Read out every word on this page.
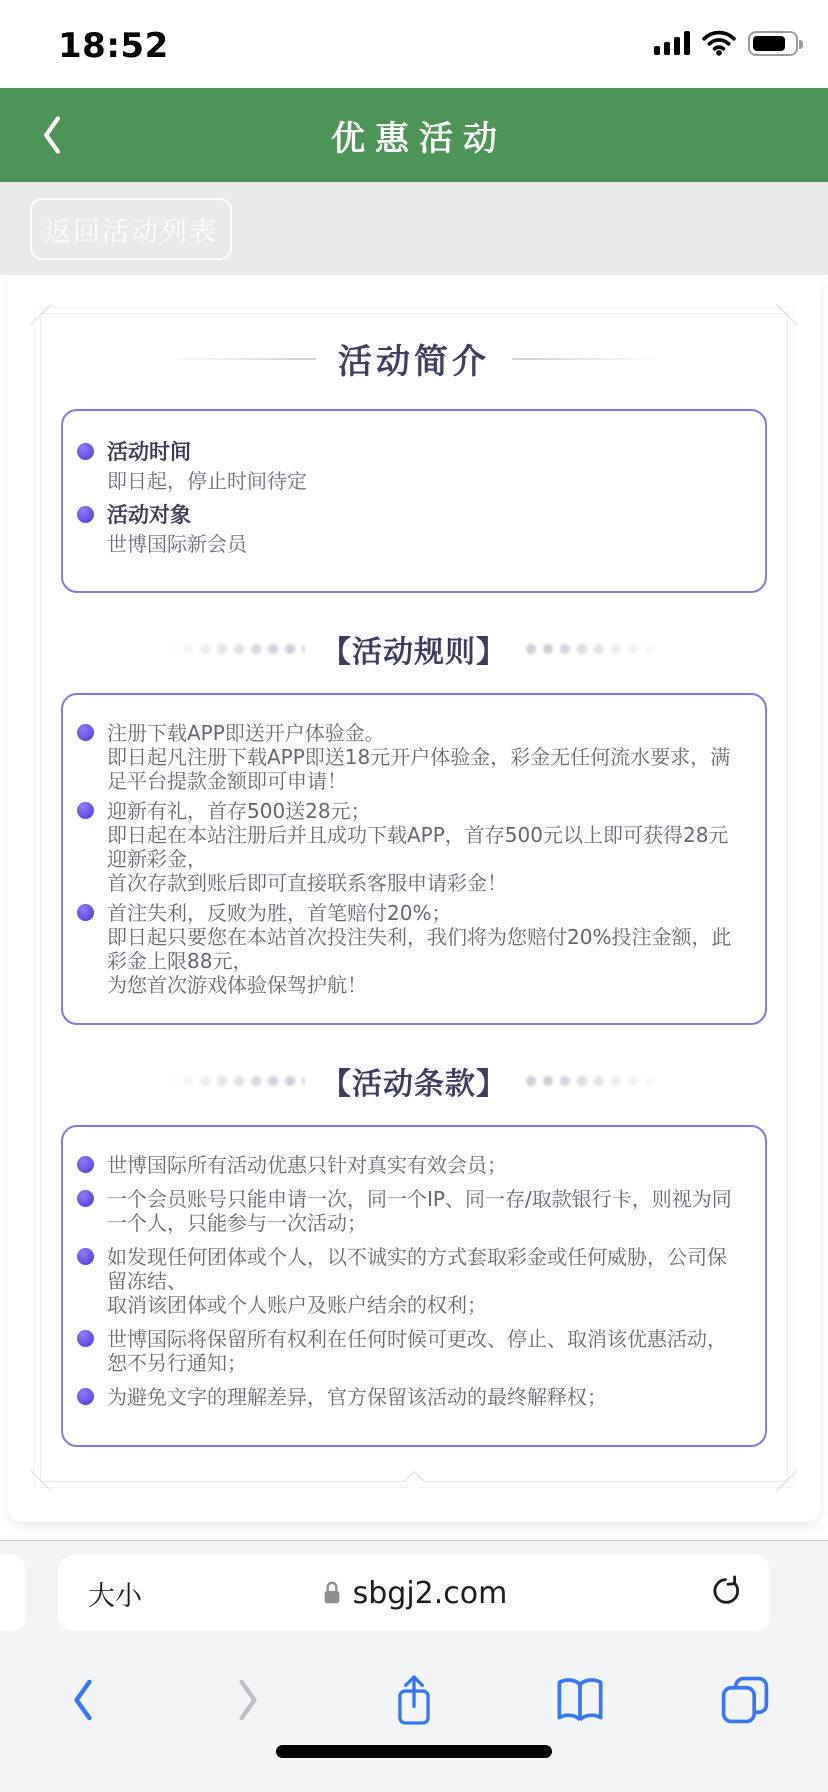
18:52
优惠活动
返回活动列表
活动简介
活动时间
即日起，停止时间待定
活动对象
世博国际新会员
【活动规则】
注册下载APP即送开户体验金。
即日起凡注册下载APP即送18元开户体验金，彩金无任何流水要求，满足平台提款金额即可申请！
迎新有礼，首存500送28元；
即日起在本站注册后并且成功下载APP，首存500元以上即可获得28元迎新彩金，
首次存款到账后即可直接联系客服申请彩金！
首注失利，反败为胜，首笔赔付20%；
即日起只要您在本站首次投注失利，我们将为您赔付20%投注金额，此彩金上限88元，
为您首次游戏体验保驾护航！
【活动条款】
世博国际所有活动优惠只针对真实有效会员；
一个会员账号只能申请一次，同一个IP、同一存/取款银行卡，则视为同一个人，只能参与一次活动；
如发现任何团体或个人，以不诚实的方式套取彩金或任何威胁，公司保留冻结、
取消该团体或个人账户及账户结余的权利；
世博国际将保留所有权利在任何时候可更改、停止、取消该优惠活动，恕不另行通知；
为避免文字的理解差异，官方保留该活动的最终解释权；
大小	sbgj2.com
